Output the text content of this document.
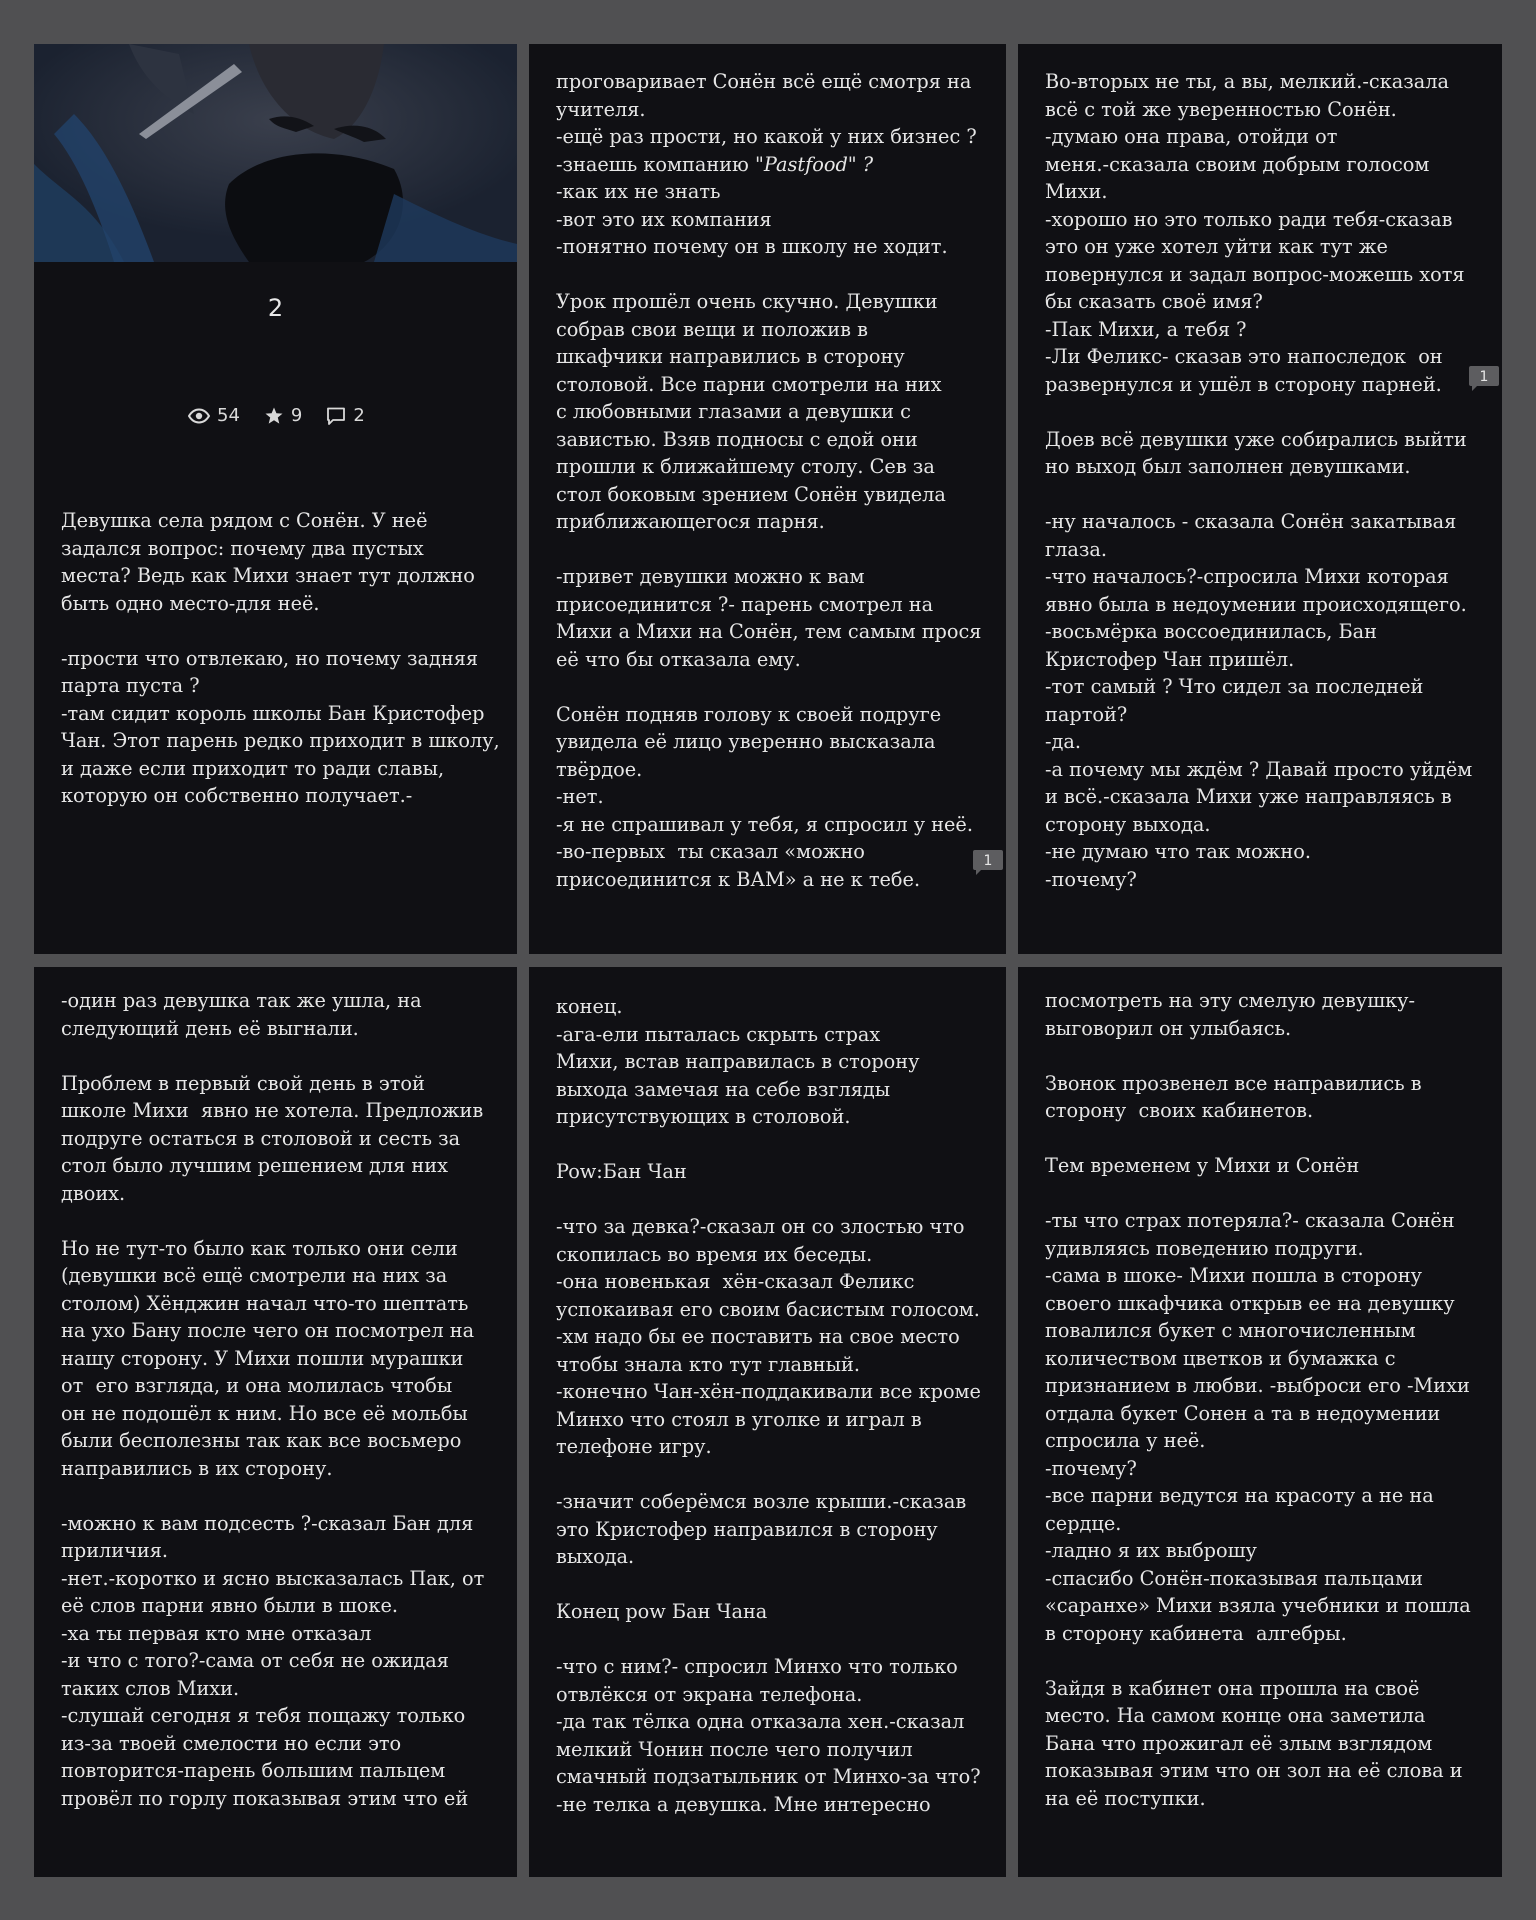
2
54	9	2

Девушка села рядом с Сонён. У неё
задался вопрос: почему два пустых
места? Ведь как Михи знает тут должно
быть одно место-для неё.

-прости что отвлекаю, но почему задняя
парта пуста ?
-там сидит король школы Бан Кристофер
Чан. Этот парень редко приходит в школу,
и даже если приходит то ради славы,
которую он собственно получает.-

проговаривает Сонён всё ещё смотря на
учителя.
-ещё раз прости, но какой у них бизнес ?
-знаешь компанию "Pastfood" ?
-как их не знать
-вот это их компания
-понятно почему он в школу не ходит.

Урок прошёл очень скучно. Девушки
собрав свои вещи и положив в
шкафчики направились в сторону
столовой. Все парни смотрели на них
с любовными глазами а девушки с
завистью. Взяв подносы с едой они
прошли к ближайшему столу. Сев за
стол боковым зрением Сонён увидела
приближающегося парня.

-привет девушки можно к вам
присоединится ?- парень смотрел на
Михи а Михи на Сонён, тем самым прося
её что бы отказала ему.

Сонён подняв голову к своей подруге
увидела её лицо уверенно высказала
твёрдое.
-нет.
-я не спрашивал у тебя, я спросил у неё.
-во-первых  ты сказал «можно
присоединится к ВАМ» а не к тебе.

Во-вторых не ты, а вы, мелкий.-сказала
всё с той же уверенностью Сонён.
-думаю она права, отойди от
меня.-сказала своим добрым голосом
Михи.
-хорошо но это только ради тебя-сказав
это он уже хотел уйти как тут же
повернулся и задал вопрос-можешь хотя
бы сказать своё имя?
-Пак Михи, а тебя ?
-Ли Феликс- сказав это напоследок  он
развернулся и ушёл в сторону парней.

Доев всё девушки уже собирались выйти
но выход был заполнен девушками.

-ну началось - сказала Сонён закатывая
глаза.
-что началось?-спросила Михи которая
явно была в недоумении происходящего.
-восьмёрка воссоединилась, Бан
Кристофер Чан пришёл.
-тот самый ? Что сидел за последней
партой?
-да.
-а почему мы ждём ? Давай просто уйдём
и всё.-сказала Михи уже направляясь в
сторону выхода.
-не думаю что так можно.
-почему?

-один раз девушка так же ушла, на
следующий день её выгнали.

Проблем в первый свой день в этой
школе Михи  явно не хотела. Предложив
подруге остаться в столовой и сесть за
стол было лучшим решением для них
двоих.

Но не тут-то было как только они сели
(девушки всё ещё смотрели на них за
столом) Хёнджин начал что-то шептать
на ухо Бану после чего он посмотрел на
нашу сторону. У Михи пошли мурашки
от  его взгляда, и она молилась чтобы
он не подошёл к ним. Но все её мольбы
были бесполезны так как все восьмеро
направились в их сторону.

-можно к вам подсесть ?-сказал Бан для
приличия.
-нет.-коротко и ясно высказалась Пак, от
её слов парни явно были в шоке.
-ха ты первая кто мне отказал
-и что с того?-сама от себя не ожидая
таких слов Михи.
-слушай сегодня я тебя пощажу только
из-за твоей смелости но если это
повторится-парень большим пальцем
провёл по горлу показывая этим что ей

конец.
-ага-ели пыталась скрыть страх
Михи, встав направилась в сторону
выхода замечая на себе взгляды
присутствующих в столовой.

Pow:Бан Чан

-что за девка?-сказал он со злостью что
скопилась во время их беседы.
-она новенькая  хён-сказал Феликс
успокаивая его своим басистым голосом.
-хм надо бы ее поставить на свое место
чтобы знала кто тут главный.
-конечно Чан-хён-поддакивали все кроме
Минхо что стоял в уголке и играл в
телефоне игру.

-значит соберёмся возле крыши.-сказав
это Кристофер направился в сторону
выхода.

Конец pow Бан Чана

-что с ним?- спросил Минхо что только
отвлёкся от экрана телефона.
-да так тёлка одна отказала хен.-сказал
мелкий Чонин после чего получил
смачный подзатыльник от Минхо-за что?
-не телка а девушка. Мне интересно

посмотреть на эту смелую девушку-
выговорил он улыбаясь.

Звонок прозвенел все направились в
сторону  своих кабинетов.

Тем временем у Михи и Сонён

-ты что страх потеряла?- сказала Сонён
удивляясь поведению подруги.
-сама в шоке- Михи пошла в сторону
своего шкафчика открыв ее на девушку
повалился букет с многочисленным
количеством цветков и бумажка с
признанием в любви. -выброси его -Михи
отдала букет Сонен а та в недоумении
спросила у неё.
-почему?
-все парни ведутся на красоту а не на
сердце.
-ладно я их выброшу
-спасибо Сонён-показывая пальцами
«саранхе» Михи взяла учебники и пошла
в сторону кабинета  алгебры.

Зайдя в кабинет она прошла на своё
место. На самом конце она заметила
Бана что прожигал её злым взглядом
показывая этим что он зол на её слова и
на её поступки.

1
1
